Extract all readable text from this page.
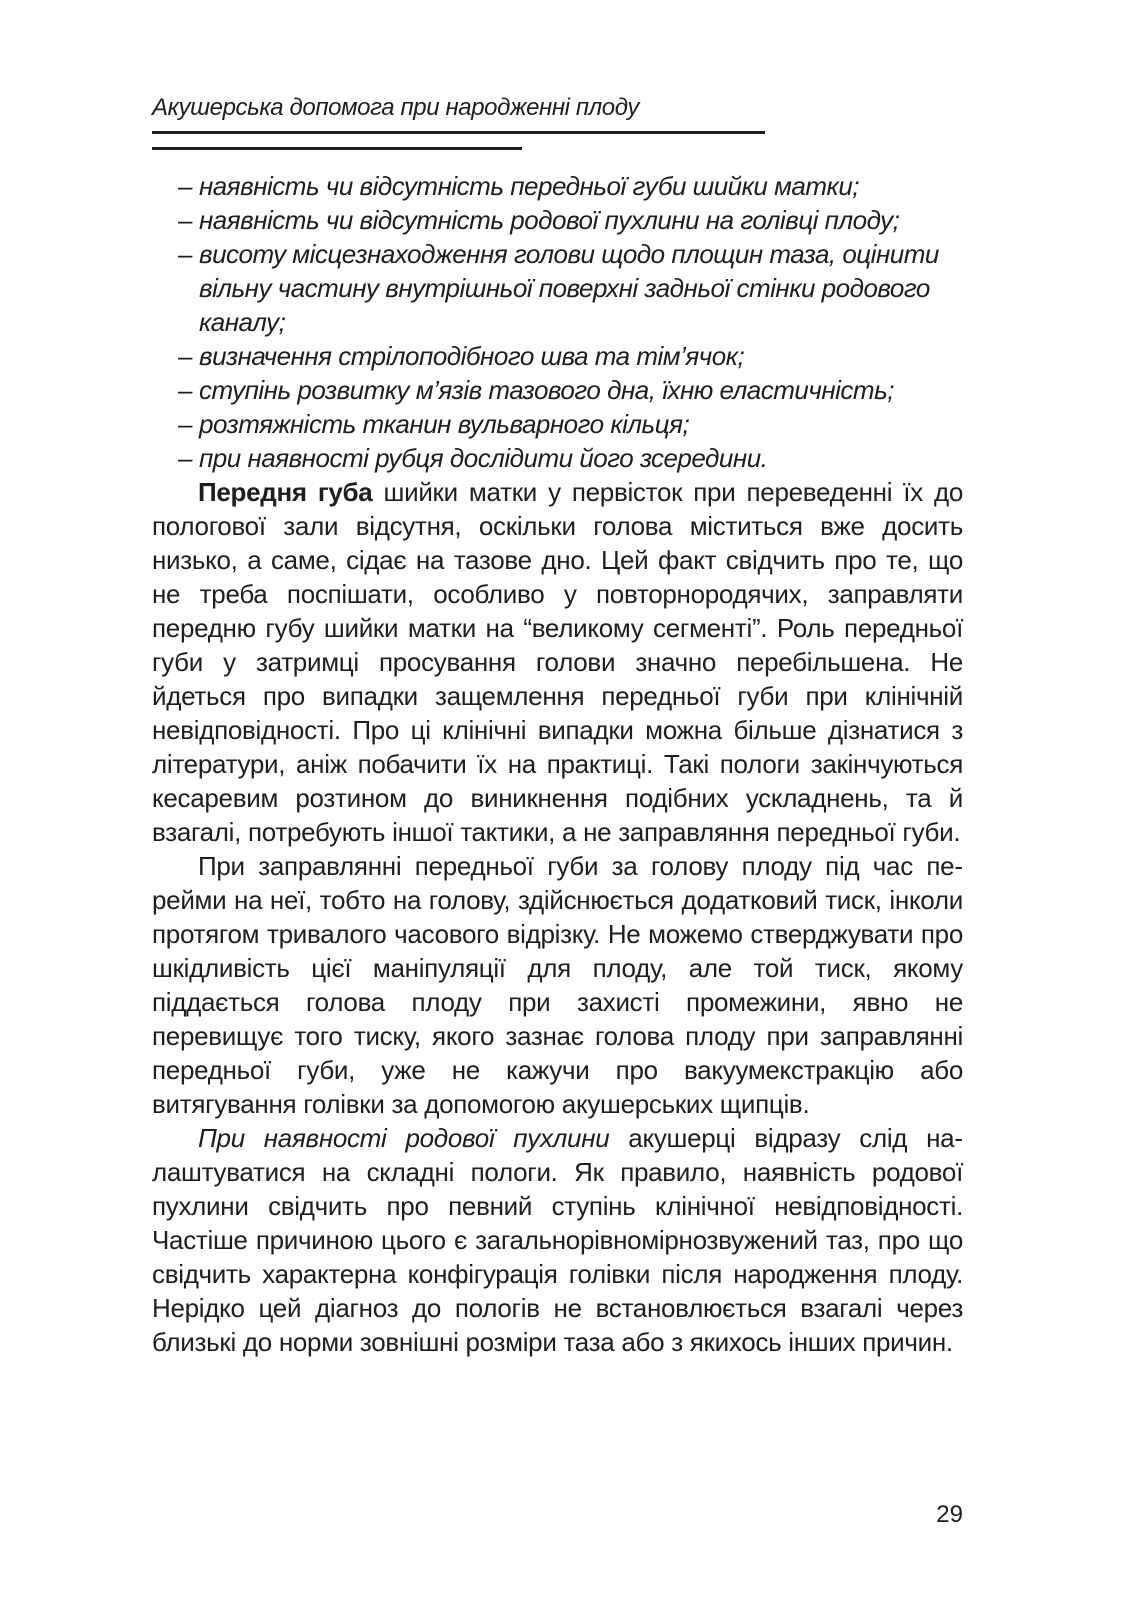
Акушерська допомога при народженні плоду
– наявність чи відсутність передньої губи шийки матки;
– наявність чи відсутність родової пухлини на голівці плоду;
– висоту місцезнаходження голови щодо площин таза, оцінити вільну частину внутрішньої поверхні задньої стінки родового каналу;
– визначення стрілоподібного шва та тім’ячок;
– ступінь розвитку м’язів тазового дна, їхню еластичність;
– розтяжність тканин вульварного кільця;
– при наявності рубця дослідити його зсередини.

Передня губа шийки матки у первісток при переведенні їх до пологової зали відсутня, оскільки голова міститься вже досить низько, а саме, сідає на тазове дно. Цей факт свідчить про те, що не треба поспішати, особливо у повторнородячих, заправляти передню губу шийки матки на “великому сегменті”. Роль передньої губи у затримці просування голови значно перебільшена. Не йдеться про випадки защемлення передньої губи при клінічній невідповідності. Про ці клінічні випадки можна більше дізнатися з літератури, аніж побачити їх на практиці. Такі пологи закінчуються кесаревим розтином до виникнення подібних ускладнень, та й взагалі, потребують іншої тактики, а не заправляння передньої губи.

При заправлянні передньої губи за голову плоду під час перейми на неї, тобто на голову, здійснюється додатковий тиск, інколи протягом тривалого часового відрізку. Не можемо стверджувати про шкідливість цієї маніпуляції для плоду, але той тиск, якому піддається голова плоду при захисті промежини, явно не перевищує того тиску, якого зазнає голова плоду при заправлянні передньої губи, уже не кажучи про вакуумекстракцію або витягування голівки за допомогою акушерських щипців.

При наявності родової пухлини акушерці відразу слід налаштуватися на складні пологи. Як правило, наявність родової пухлини свідчить про певний ступінь клінічної невідповідності. Частіше причиною цього є загальнорівномірнозвужений таз, про що свідчить характерна конфігурація голівки після народження плоду. Нерідко цей діагноз до пологів не встановлюється взагалі через близькі до норми зовнішні розміри таза або з якихось інших причин.

29
